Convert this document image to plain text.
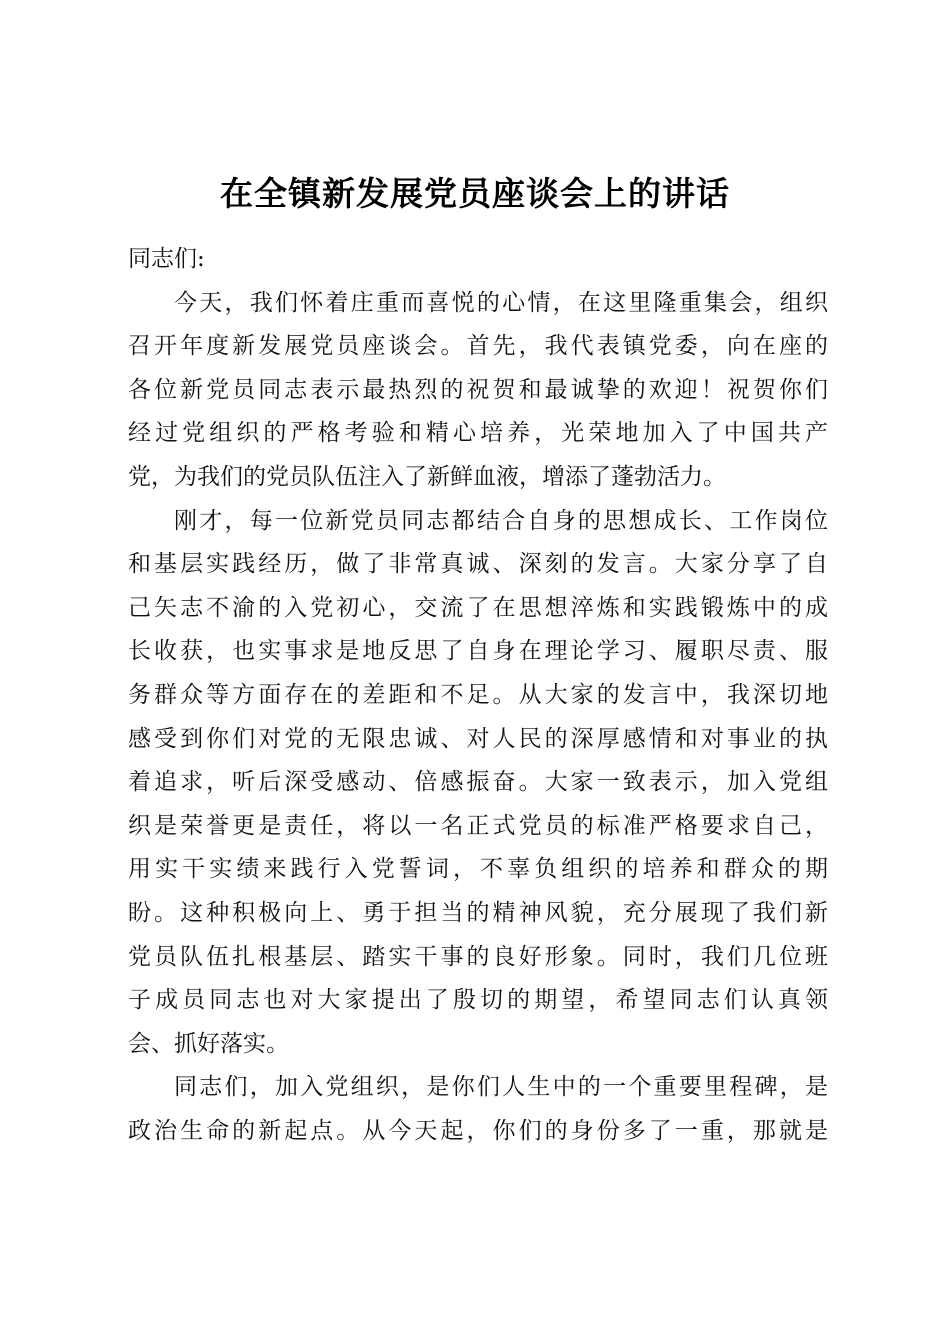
在全镇新发展党员座谈会上的讲话
同志们:

今天，我们怀着庄重而喜悦的心情，在这里隆重集会，组织
召开年度新发展党员座谈会。首先，我代表镇党委，向在座的
各位新党员同志表示最热烈的祝贺和最诚挚的欢迎！祝贺你们
经过党组织的严格考验和精心培养，光荣地加入了中国共产
党，为我们的党员队伍注入了新鲜血液，增添了蓬勃活力。

刚才，每一位新党员同志都结合自身的思想成长、工作岗位
和基层实践经历，做了非常真诚、深刻的发言。大家分享了自
己矢志不渝的入党初心，交流了在思想淬炼和实践锻炼中的成
长收获，也实事求是地反思了自身在理论学习、履职尽责、服
务群众等方面存在的差距和不足。从大家的发言中，我深切地
感受到你们对党的无限忠诚、对人民的深厚感情和对事业的执
着追求，听后深受感动、倍感振奋。大家一致表示，加入党组
织是荣誉更是责任，将以一名正式党员的标准严格要求自己，
用实干实绩来践行入党誓词，不辜负组织的培养和群众的期
盼。这种积极向上、勇于担当的精神风貌，充分展现了我们新
党员队伍扎根基层、踏实干事的良好形象。同时，我们几位班
子成员同志也对大家提出了殷切的期望，希望同志们认真领
会、抓好落实。

同志们，加入党组织，是你们人生中的一个重要里程碑，是
政治生命的新起点。从今天起，你们的身份多了一重，那就是
